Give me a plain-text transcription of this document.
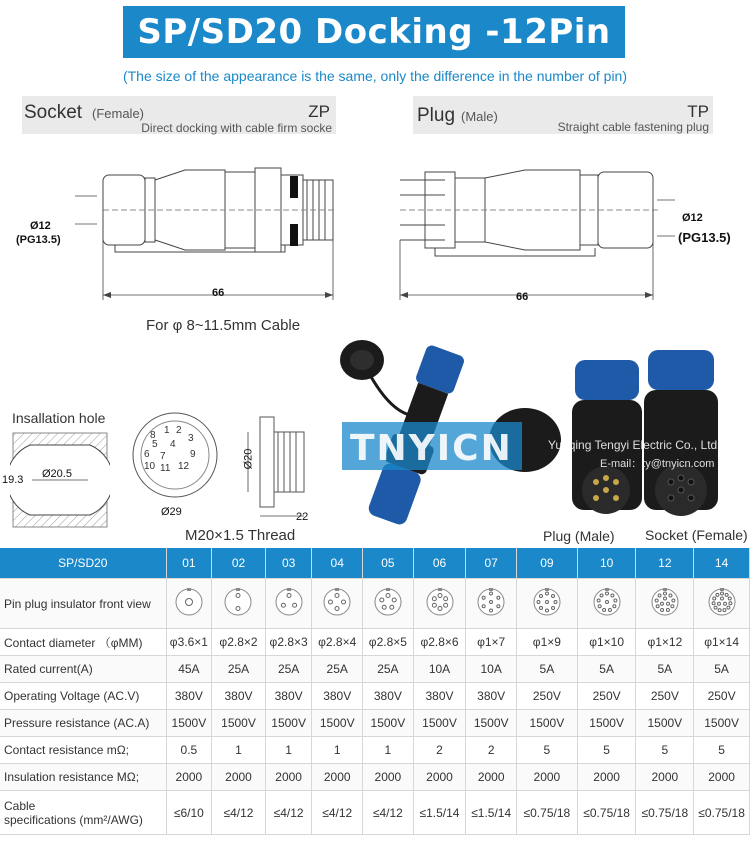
SP/SD20 Docking -12Pin
(The size of the appearance is the same, only the difference in the number of pin)
Socket (Female)	ZP
Direct docking with cable firm socke
Plug (Male)	TP
Straight cable fastening plug
Ø12
(PG13.5)
66
For φ 8~11.5mm Cable
Ø12
(PG13.5)
66
Insallation hole
19.3 Ø20.5
1 2
3
4
5
6 7
8
9
10 11 12
Ø29
Ø20
22
M20×1.5 Thread
TNYICN	Yueqing Tengyi Electric Co., Ltd.
E-mail：ty@tnyicn.com
Plug (Male) Socket (Female)
SP/SD20	01	02	03	04	05	06	07	09	10	12	14
Pin plug insulator front view											
Contact diameter （φMM)	φ3.6×1	φ2.8×2	φ2.8×3	φ2.8×4	φ2.8×5	φ2.8×6	φ1×7	φ1×9	φ1×10	φ1×12	φ1×14
Rated current(A)	45A	25A	25A	25A	25A	10A	10A	5A	5A	5A	5A
Operating Voltage (AC.V)	380V	380V	380V	380V	380V	380V	380V	250V	250V	250V	250V
Pressure resistance (AC.A)	1500V	1500V	1500V	1500V	1500V	1500V	1500V	1500V	1500V	1500V	1500V
Contact resistance mΩ;	0.5	1	1	1	1	2	2	5	5	5	5
Insulation resistance MΩ;	2000	2000	2000	2000	2000	2000	2000	2000	2000	2000	2000
Cable
specifications (mm²/AWG)	≤6/10	≤4/12	≤4/12	≤4/12	≤4/12	≤1.5/14	≤1.5/14	≤0.75/18	≤0.75/18	≤0.75/18	≤0.75/18
